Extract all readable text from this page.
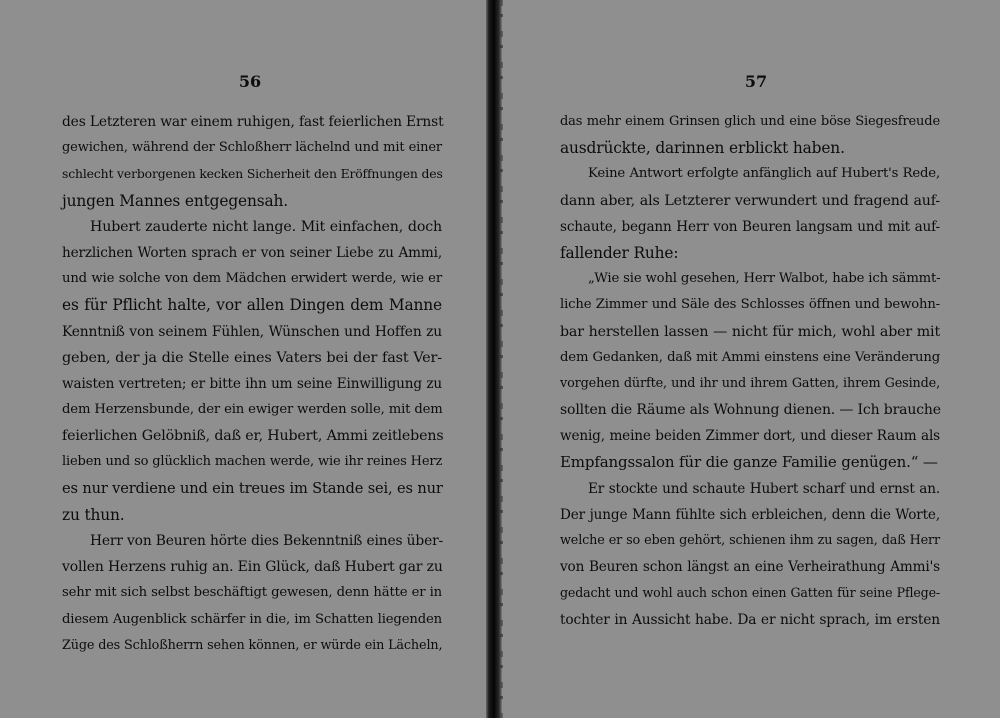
56
des Letzteren war einem ruhigen, fast feierlichen Ernst
gewichen, während der Schloßherr lächelnd und mit einer
schlecht verborgenen kecken Sicherheit den Eröffnungen des
jungen Mannes entgegensah.
Hubert zauderte nicht lange. Mit einfachen, doch
herzlichen Worten sprach er von seiner Liebe zu Ammi,
und wie solche von dem Mädchen erwidert werde, wie er
es für Pflicht halte, vor allen Dingen dem Manne
Kenntniß von seinem Fühlen, Wünschen und Hoffen zu
geben, der ja die Stelle eines Vaters bei der fast Ver-
waisten vertreten; er bitte ihn um seine Einwilligung zu
dem Herzensbunde, der ein ewiger werden solle, mit dem
feierlichen Gelöbniß, daß er, Hubert, Ammi zeitlebens
lieben und so glücklich machen werde, wie ihr reines Herz
es nur verdiene und ein treues im Stande sei, es nur
zu thun.
Herr von Beuren hörte dies Bekenntniß eines über-
vollen Herzens ruhig an. Ein Glück, daß Hubert gar zu
sehr mit sich selbst beschäftigt gewesen, denn hätte er in
diesem Augenblick schärfer in die, im Schatten liegenden
Züge des Schloßherrn sehen können, er würde ein Lächeln,
57
das mehr einem Grinsen glich und eine böse Siegesfreude
ausdrückte, darinnen erblickt haben.
Keine Antwort erfolgte anfänglich auf Hubert's Rede,
dann aber, als Letzterer verwundert und fragend auf-
schaute, begann Herr von Beuren langsam und mit auf-
fallender Ruhe:
„Wie sie wohl gesehen, Herr Walbot, habe ich sämmt-
liche Zimmer und Säle des Schlosses öffnen und bewohn-
bar herstellen lassen — nicht für mich, wohl aber mit
dem Gedanken, daß mit Ammi einstens eine Veränderung
vorgehen dürfte, und ihr und ihrem Gatten, ihrem Gesinde,
sollten die Räume als Wohnung dienen. — Ich brauche
wenig, meine beiden Zimmer dort, und dieser Raum als
Empfangssalon für die ganze Familie genügen.“ —
Er stockte und schaute Hubert scharf und ernst an.
Der junge Mann fühlte sich erbleichen, denn die Worte,
welche er so eben gehört, schienen ihm zu sagen, daß Herr
von Beuren schon längst an eine Verheirathung Ammi's
gedacht und wohl auch schon einen Gatten für seine Pflege-
tochter in Aussicht habe. Da er nicht sprach, im ersten
